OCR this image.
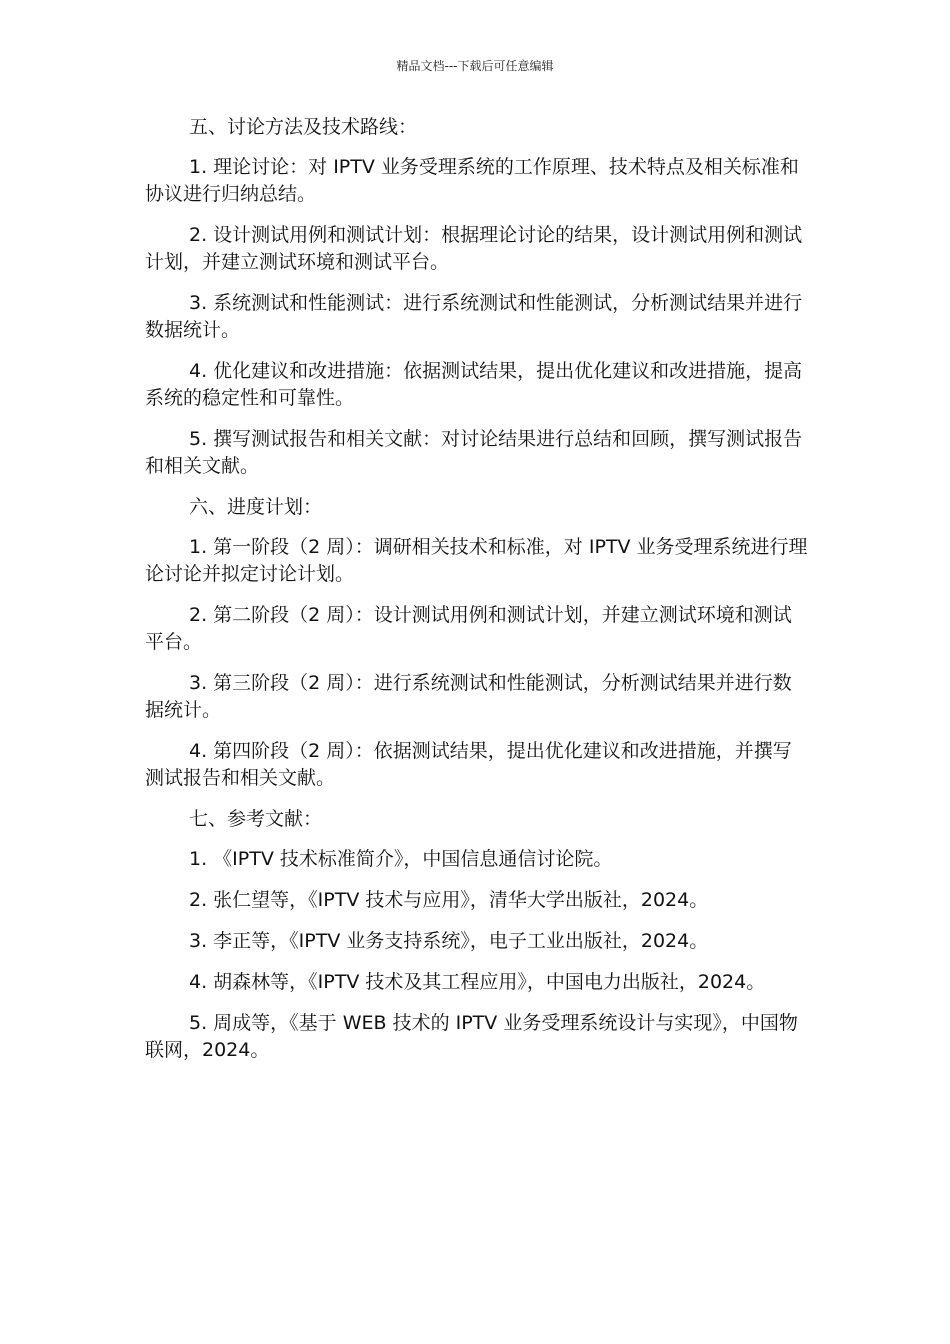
精品文档---下载后可任意编辑

五、讨论方法及技术路线：

1. 理论讨论：对 IPTV 业务受理系统的工作原理、技术特点及相关标准和协议进行归纳总结。

2. 设计测试用例和测试计划：根据理论讨论的结果，设计测试用例和测试计划，并建立测试环境和测试平台。

3. 系统测试和性能测试：进行系统测试和性能测试，分析测试结果并进行数据统计。

4. 优化建议和改进措施：依据测试结果，提出优化建议和改进措施，提高系统的稳定性和可靠性。

5. 撰写测试报告和相关文献：对讨论结果进行总结和回顾，撰写测试报告和相关文献。

六、进度计划：

1. 第一阶段（2 周）：调研相关技术和标准，对 IPTV 业务受理系统进行理论讨论并拟定讨论计划。

2. 第二阶段（2 周）：设计测试用例和测试计划，并建立测试环境和测试平台。

3. 第三阶段（2 周）：进行系统测试和性能测试，分析测试结果并进行数据统计。

4. 第四阶段（2 周）：依据测试结果，提出优化建议和改进措施，并撰写测试报告和相关文献。

七、参考文献：

1. 《IPTV 技术标准简介》，中国信息通信讨论院。

2. 张仁望等，《IPTV 技术与应用》，清华大学出版社，2024。

3. 李正等，《IPTV 业务支持系统》，电子工业出版社，2024。

4. 胡森林等，《IPTV 技术及其工程应用》，中国电力出版社，2024。

5. 周成等，《基于 WEB 技术的 IPTV 业务受理系统设计与实现》，中国物联网，2024。
